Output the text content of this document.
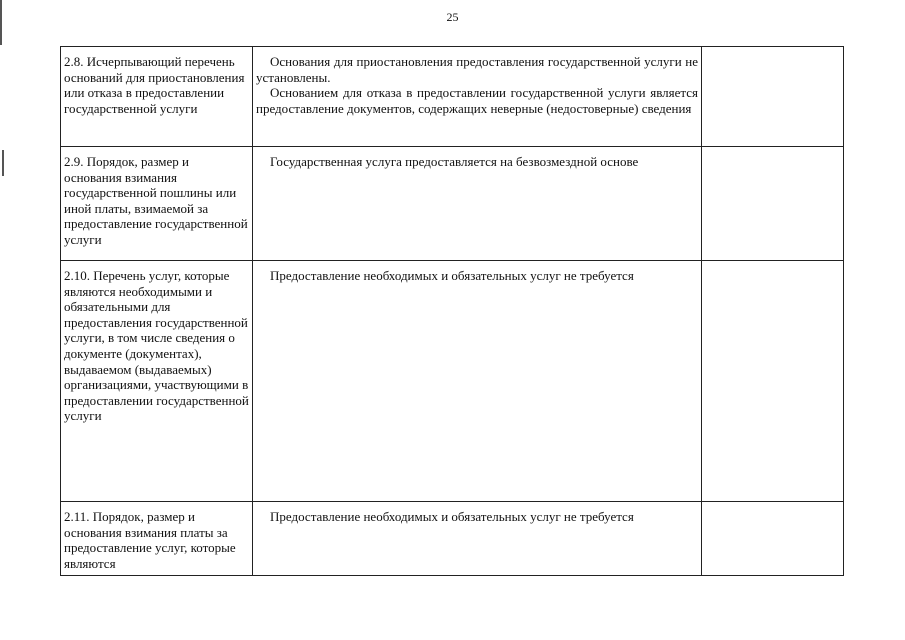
25
2.8. Исчерпывающий перечень оснований для приостановления или отказа в предоставлении государственной услуги	Основания для приостановления предоставления государственной услуги не установлены.
Основанием для отказа в предоставлении государственной услуги является предоставление документов, содержащих неверные (недостоверные) сведения	

2.9. Порядок, размер и основания взимания государственной пошлины или иной платы, взимаемой за предоставление государственной услуги	Государственная услуга предоставляется на безвозмездной основе	

2.10. Перечень услуг, которые являются необходимыми и обязательными для предоставления государственной услуги, в том числе сведения о документе (документах), выдаваемом (выдаваемых) организациями, участвующими в предоставлении государственной услуги	Предоставление необходимых и обязательных услуг не требуется	

2.11. Порядок, размер и основания взимания платы за предоставление услуг, которые являются	Предоставление необходимых и обязательных услуг не требуется	
